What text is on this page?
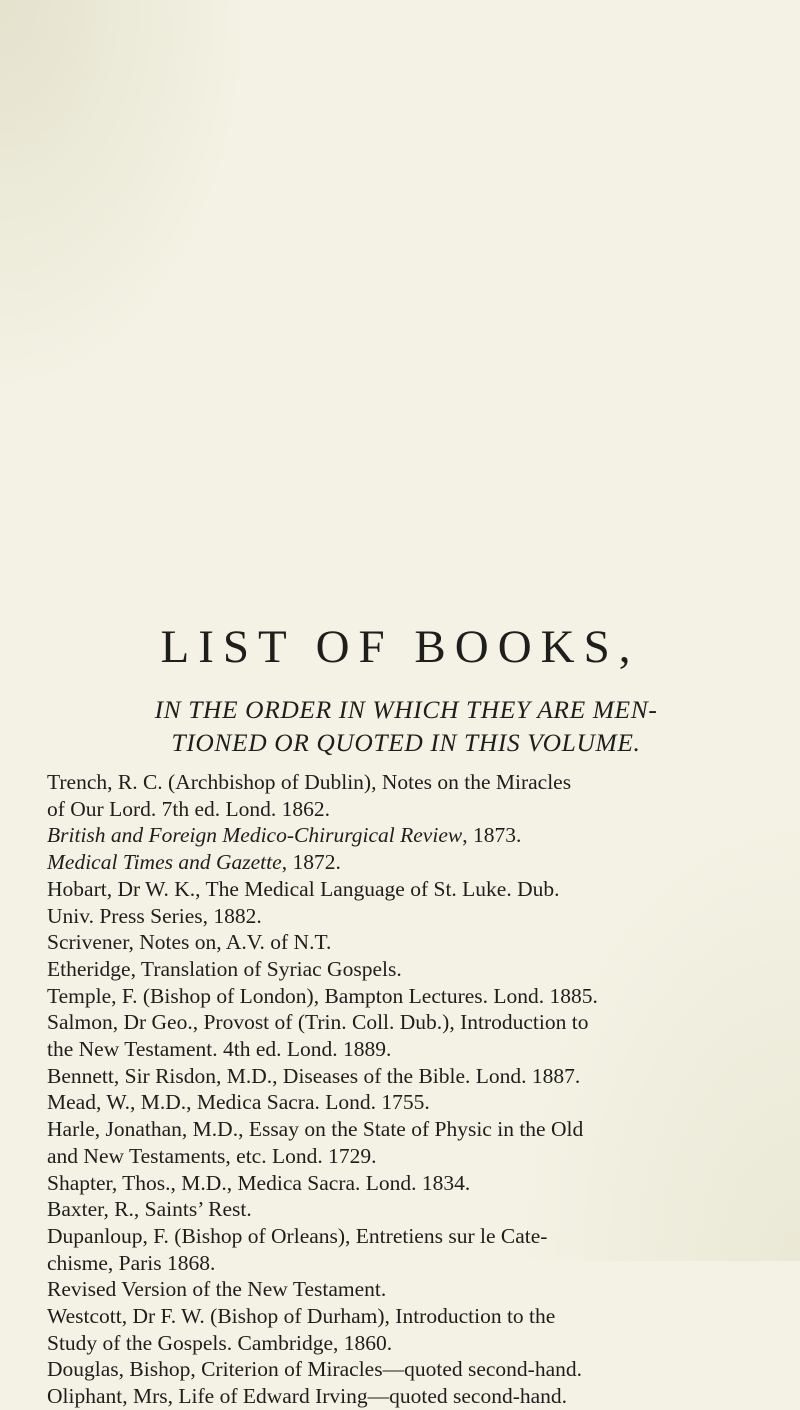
LIST OF BOOKS,

IN THE ORDER IN WHICH THEY ARE MEN-
TIONED OR QUOTED IN THIS VOLUME.

Trench, R. C. (Archbishop of Dublin), Notes on the Miracles
of Our Lord. 7th ed. Lond. 1862.
British and Foreign Medico-Chirurgical Review, 1873.
Medical Times and Gazette, 1872.
Hobart, Dr W. K., The Medical Language of St. Luke. Dub.
Univ. Press Series, 1882.
Scrivener, Notes on, A.V. of N.T.
Etheridge, Translation of Syriac Gospels.
Temple, F. (Bishop of London), Bampton Lectures. Lond. 1885.
Salmon, Dr Geo., Provost of (Trin. Coll. Dub.), Introduction to
the New Testament. 4th ed. Lond. 1889.
Bennett, Sir Risdon, M.D., Diseases of the Bible. Lond. 1887.
Mead, W., M.D., Medica Sacra. Lond. 1755.
Harle, Jonathan, M.D., Essay on the State of Physic in the Old
and New Testaments, etc. Lond. 1729.
Shapter, Thos., M.D., Medica Sacra. Lond. 1834.
Baxter, R., Saints’ Rest.
Dupanloup, F. (Bishop of Orleans), Entretiens sur le Cate-
chisme, Paris 1868.
Revised Version of the New Testament.
Westcott, Dr F. W. (Bishop of Durham), Introduction to the
Study of the Gospels. Cambridge, 1860.
Douglas, Bishop, Criterion of Miracles—quoted second-hand.
Oliphant, Mrs, Life of Edward Irving—quoted second-hand.
